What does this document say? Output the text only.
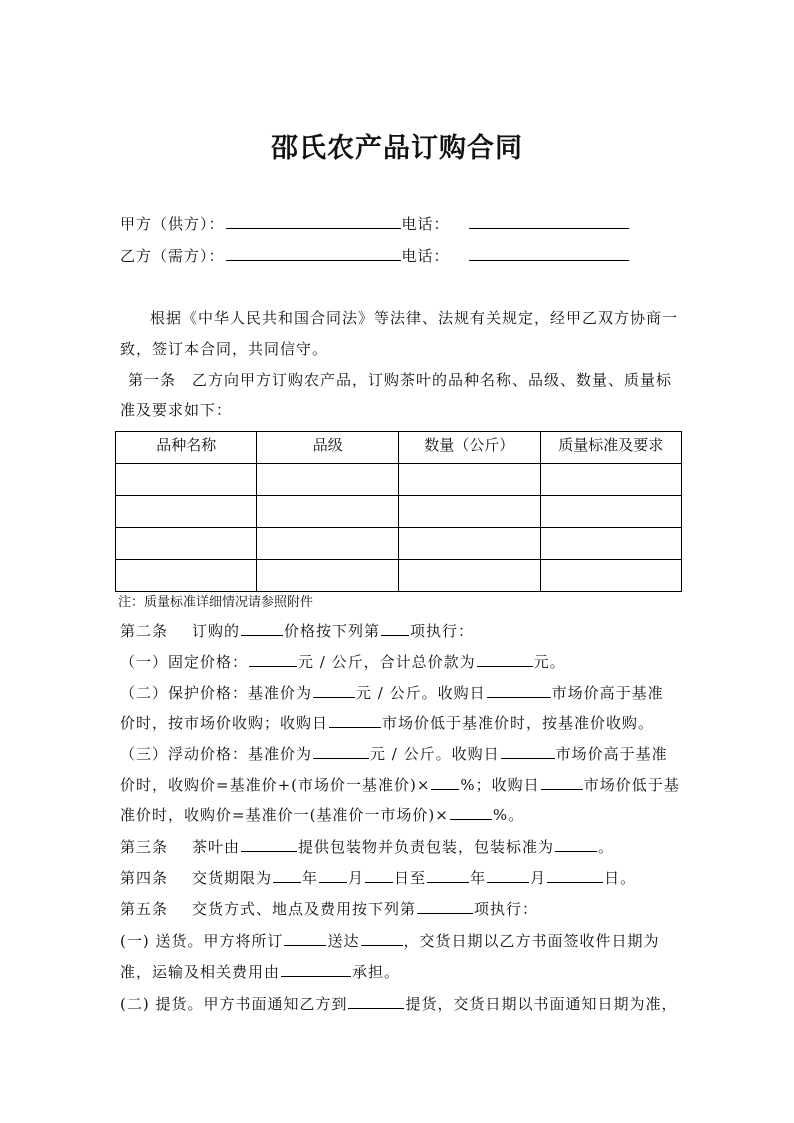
邵氏农产品订购合同
甲方（供方）：	电话：
乙方（需方）：	电话：
根据《中华人民共和国合同法》等法律、法规有关规定，经甲乙双方协商一
致，签订本合同，共同信守。
第一条　乙方向甲方订购农产品，订购茶叶的品种名称、品级、数量、质量标
准及要求如下：
品种名称	品级	数量（公斤）	质量标准及要求

注：质量标准详细情况请参照附件
第二条 订购的	价格按下列第 项执行：
（一）固定价格：	元 / 公斤，合计总价款为	元。
（二）保护价格：基准价为	元 / 公斤。收购日	市场价高于基准
价时，按市场价收购；收购日	市场价低于基准价时，按基准价收购。
（三）浮动价格：基准价为	元 / 公斤。收购日	市场价高于基准
价时，收购价=基准价+(市场价一基准价)× %；收购日	市场价低于基
准价时，收购价=基准价一(基准价一市场价)×	%。
第三条 茶叶由	提供包装物并负责包装，包装标准为	。
第四条 交货期限为 年 月 日至	年	月	日。
第五条 交货方式、地点及费用按下列第	项执行：
(一) 送货。甲方将所订	送达	，交货日期以乙方书面签收件日期为
准，运输及相关费用由	承担。
(二) 提货。甲方书面通知乙方到	提货，交货日期以书面通知日期为准，
